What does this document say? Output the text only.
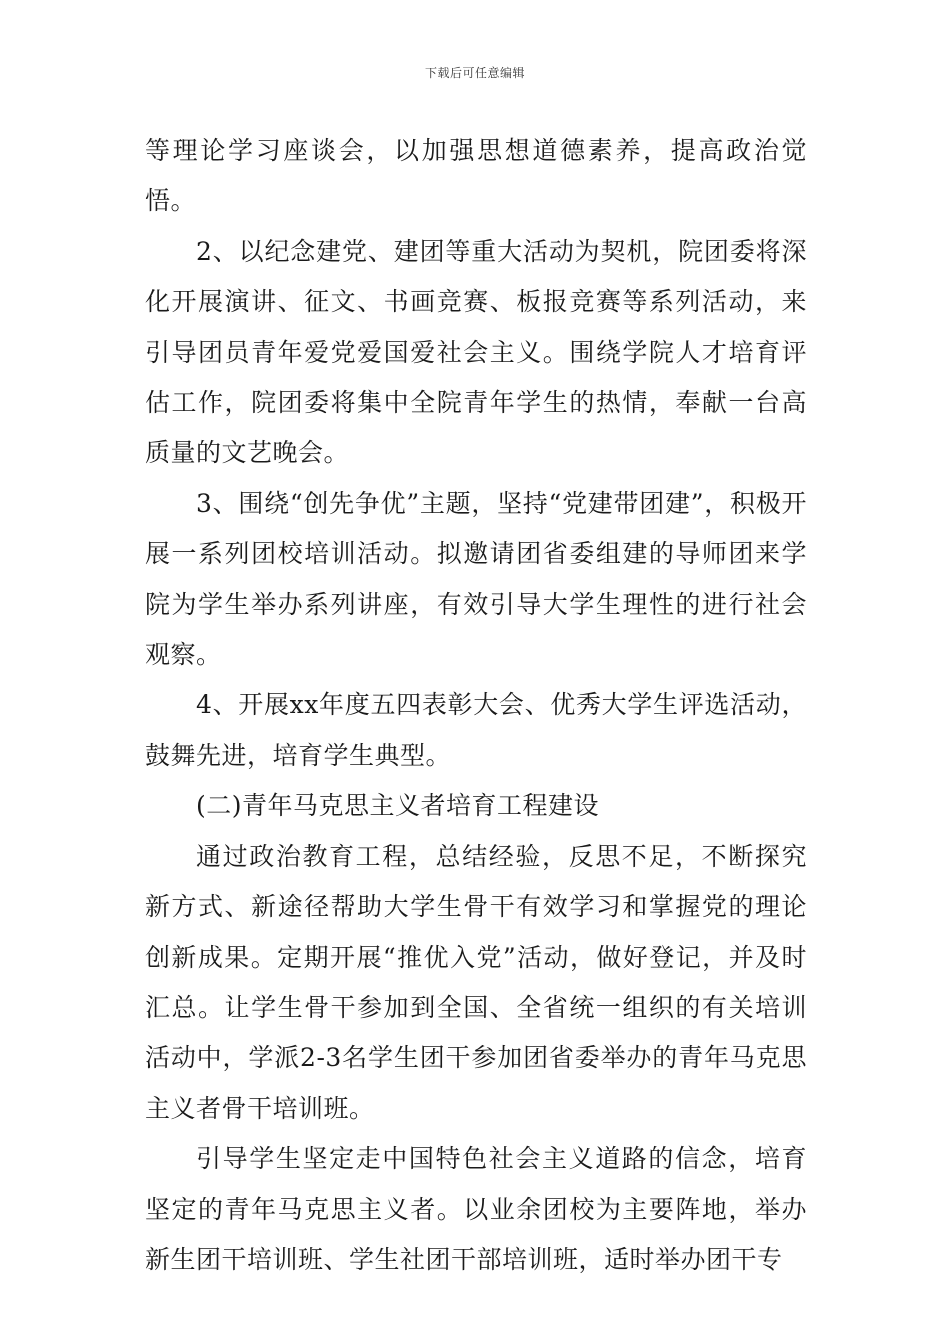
下载后可任意编辑

等理论学习座谈会，以加强思想道德素养，提高政治觉悟。

2、以纪念建党、建团等重大活动为契机，院团委将深化开展演讲、征文、书画竞赛、板报竞赛等系列活动，来引导团员青年爱党爱国爱社会主义。围绕学院人才培育评估工作，院团委将集中全院青年学生的热情，奉献一台高质量的文艺晚会。

3、围绕“创先争优”主题，坚持“党建带团建”，积极开展一系列团校培训活动。拟邀请团省委组建的导师团来学院为学生举办系列讲座，有效引导大学生理性的进行社会观察。

4、开展xx年度五四表彰大会、优秀大学生评选活动，鼓舞先进，培育学生典型。

(二)青年马克思主义者培育工程建设

通过政治教育工程，总结经验，反思不足，不断探究新方式、新途径帮助大学生骨干有效学习和掌握党的理论创新成果。定期开展“推优入党”活动，做好登记，并及时汇总。让学生骨干参加到全国、全省统一组织的有关培训活动中，学派2-3名学生团干参加团省委举办的青年马克思主义者骨干培训班。

引导学生坚定走中国特色社会主义道路的信念，培育坚定的青年马克思主义者。以业余团校为主要阵地，举办新生团干培训班、学生社团干部培训班，适时举办团干专
